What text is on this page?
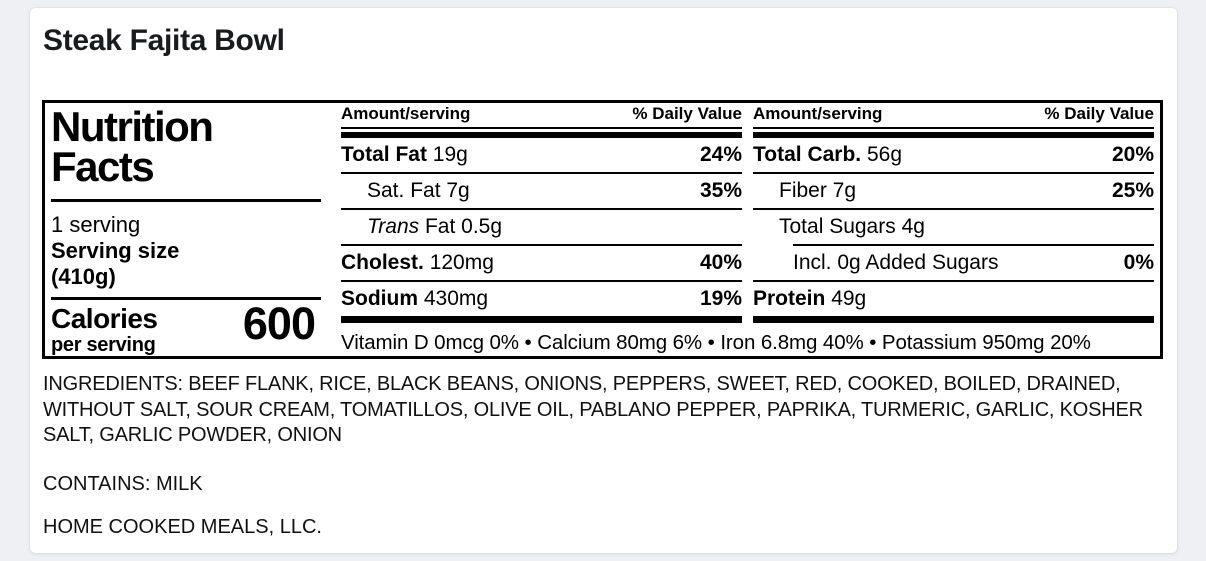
Steak Fajita Bowl
Nutrition
Facts
1 serving
Serving size
(410g)
Calories
per serving 600
Amount/serving	% Daily Value
Total Fat 19g	24%
Sat. Fat 7g	35%
Trans Fat 0.5g
Cholest. 120mg	40%
Sodium 430mg	19%
Amount/serving	% Daily Value
Total Carb. 56g	20%
Fiber 7g	25%
Total Sugars 4g
Incl. 0g Added Sugars	0%
Protein 49g
Vitamin D 0mcg 0% • Calcium 80mg 6% • Iron 6.8mg 40% • Potassium 950mg 20%

INGREDIENTS: BEEF FLANK, RICE, BLACK BEANS, ONIONS, PEPPERS, SWEET, RED, COOKED, BOILED, DRAINED, WITHOUT SALT, SOUR CREAM, TOMATILLOS, OLIVE OIL, PABLANO PEPPER, PAPRIKA, TURMERIC, GARLIC, KOSHER SALT, GARLIC POWDER, ONION

CONTAINS: MILK

HOME COOKED MEALS, LLC.
